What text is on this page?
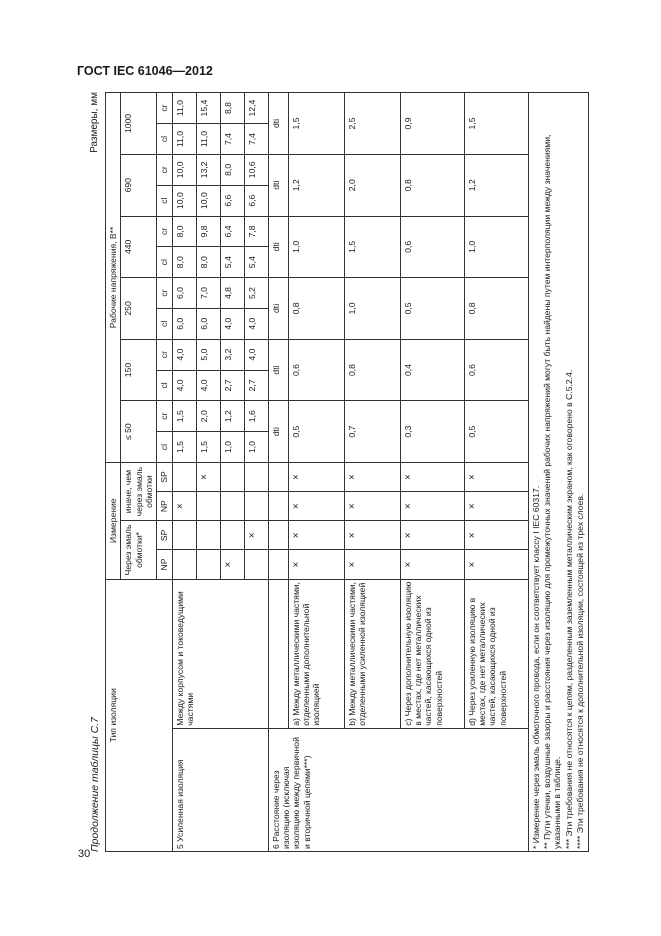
ГОСТ IEC 61046—2012
Продолжение таблицы С.7
Размеры, мм
Тип изоляции		Измерение				Рабочие напряжения, В**											
		Через эмаль обмотки*		иначе, чем через эмаль обмотки		≤ 50		150		250		440		690		1000	

		NP	SP	NP	SP	cl	cr	cl	cr	cl	cr	cl	cr	cl	cr	cl	cr
5 Усиленная изоляция	Между корпусом и токоведущими частями			×		1,5	1,5	4,0	4,0	6,0	6,0	8,0	8,0	10,0	10,0	11,0	11,0
					×	1,5	2,0	4,0	5,0	6,0	7,0	8,0	9,8	10,0	13,2	11,0	15,4
		×				1,0	1,2	2,7	3,2	4,0	4,8	5,4	6,4	6,6	8,0	7,4	8,8
			×			1,0	1,6	2,7	4,0	4,0	5,2	5,4	7,8	6,6	10,6	7,4	12,4
6 Расстояние через изоляцию (исключая изоляцию между первичной и вторичной цепями***)						dti		dti		dti		dti		dti		dti	
	a) Между металлическими частями, отделенными дополнительной изоляцией	×	×	×	×	0,5		0,6		0,8		1,0		1,2		1,5	
	b) Между металлическими частями, отделенными усиленной изоляцией	×	×	×	×	0,7		0,8		1,0		1,5		2,0		2,5	
	c) Через дополнительную изоляцию в местах, где нет металлических частей, касающихся одной из поверхностей	×	×	×	×	0,3		0,4		0,5		0,6		0,8		0,9	
	d) Через усиленную изоляцию в местах, где нет металлических частей, касающихся одной из поверхностей	×	×	×	×	0,5		0,6		0,8		1,0		1,2		1,5	

* Измерение через эмаль обмоточного провода, если он соответствует классу I IEC 60317. ** Пути утечки, воздушные зазоры и расстояния через изоляцию для промежуточных значений рабочих напряжений могут быть найдены путем интерполяции между значениями, указанными в таблице. *** Эти требования не относятся к цепям, разделенным заземленным металлическим экраном, как оговорено в С.5.2.4. **** Эти требования не относятся к дополнительной изоляции, состоящей из трех слоев.																	
30
